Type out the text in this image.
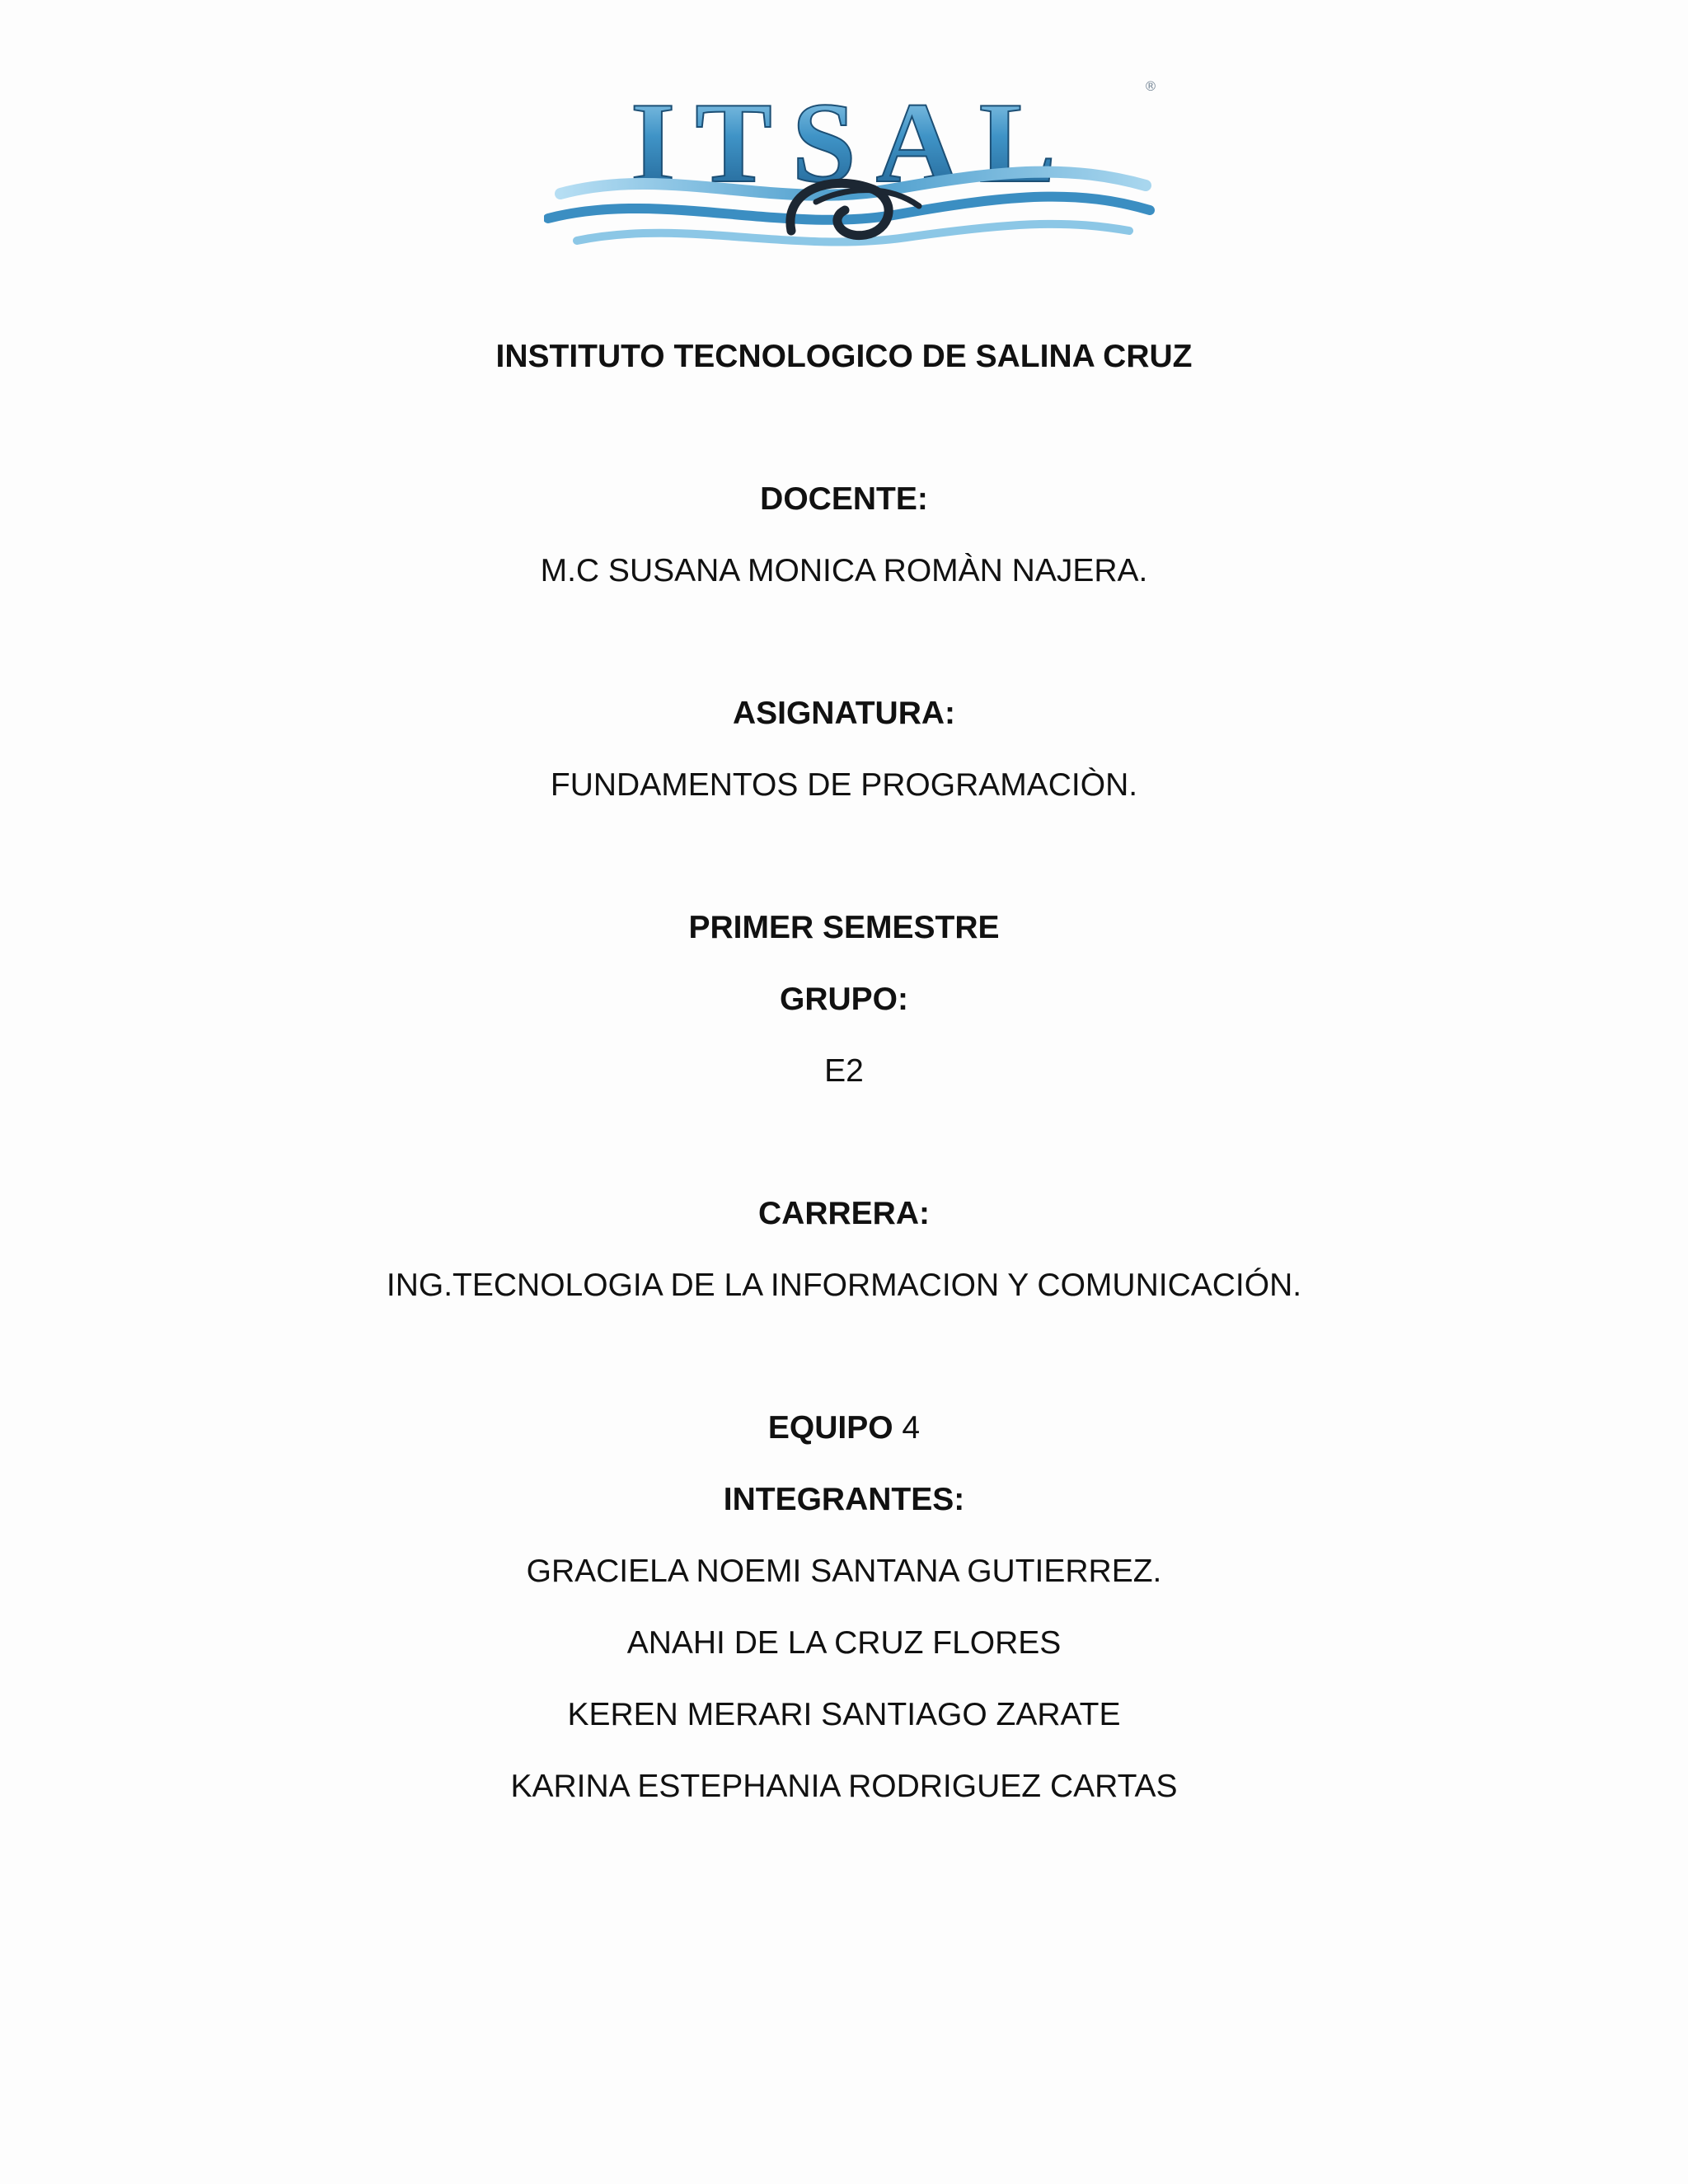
ITSAL	®
INSTITUTO TECNOLOGICO DE SALINA CRUZ
DOCENTE:
M.C SUSANA MONICA ROMÀN NAJERA.
ASIGNATURA:
FUNDAMENTOS DE PROGRAMACIÒN.
PRIMER SEMESTRE
GRUPO:
E2
CARRERA:
ING.TECNOLOGIA DE LA INFORMACION Y COMUNICACIÓN.
EQUIPO 4
INTEGRANTES:
GRACIELA NOEMI SANTANA GUTIERREZ.
ANAHI DE LA CRUZ FLORES
KEREN MERARI SANTIAGO ZARATE
KARINA ESTEPHANIA RODRIGUEZ CARTAS
